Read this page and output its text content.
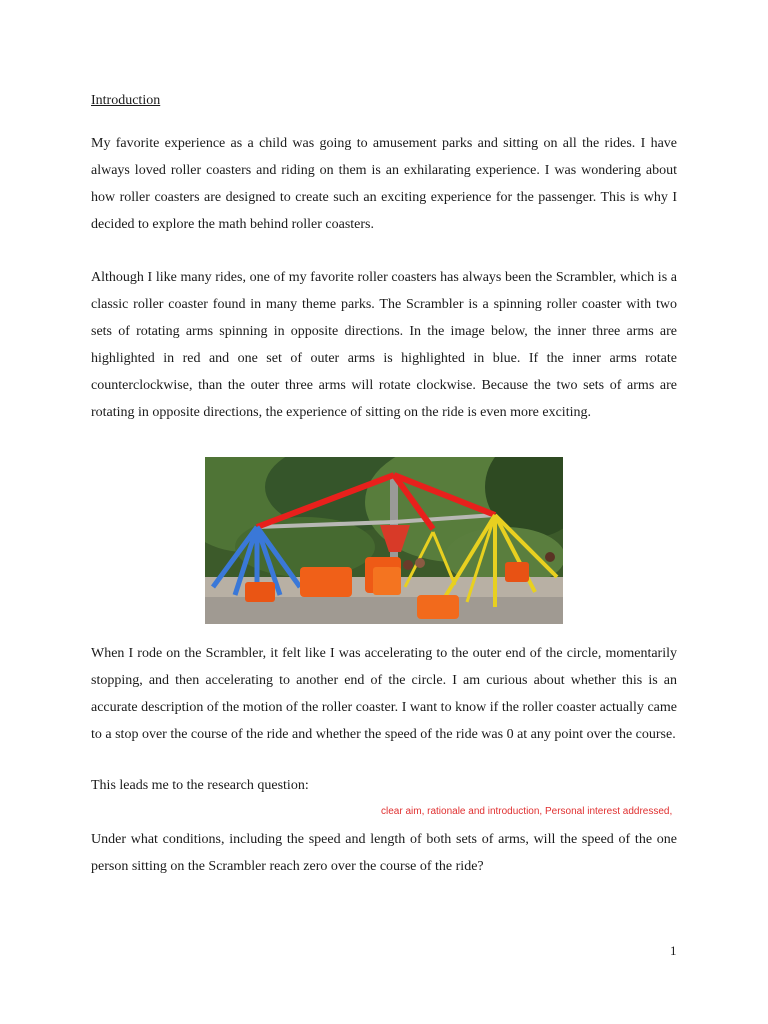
Introduction

My favorite experience as a child was going to amusement parks and sitting on all the rides. I have always loved roller coasters and riding on them is an exhilarating experience. I was wondering about how roller coasters are designed to create such an exciting experience for the passenger. This is why I decided to explore the math behind roller coasters.

Although I like many rides, one of my favorite roller coasters has always been the Scrambler, which is a classic roller coaster found in many theme parks. The Scrambler is a spinning roller coaster with two sets of rotating arms spinning in opposite directions. In the image below, the inner three arms are highlighted in red and one set of outer arms is highlighted in blue. If the inner arms rotate counterclockwise, than the outer three arms will rotate clockwise. Because the two sets of arms are rotating in opposite directions, the experience of sitting on the ride is even more exciting.

When I rode on the Scrambler, it felt like I was accelerating to the outer end of the circle, momentarily stopping, and then accelerating to another end of the circle. I am curious about whether this is an accurate description of the motion of the roller coaster. I want to know if the roller coaster actually came to a stop over the course of the ride and whether the speed of the ride was 0 at any point over the course.

This leads me to the research question:

clear aim, rationale and introduction, Personal interest addressed,

Under what conditions, including the speed and length of both sets of arms, will the speed of the one person sitting on the Scrambler reach zero over the course of the ride?

1
